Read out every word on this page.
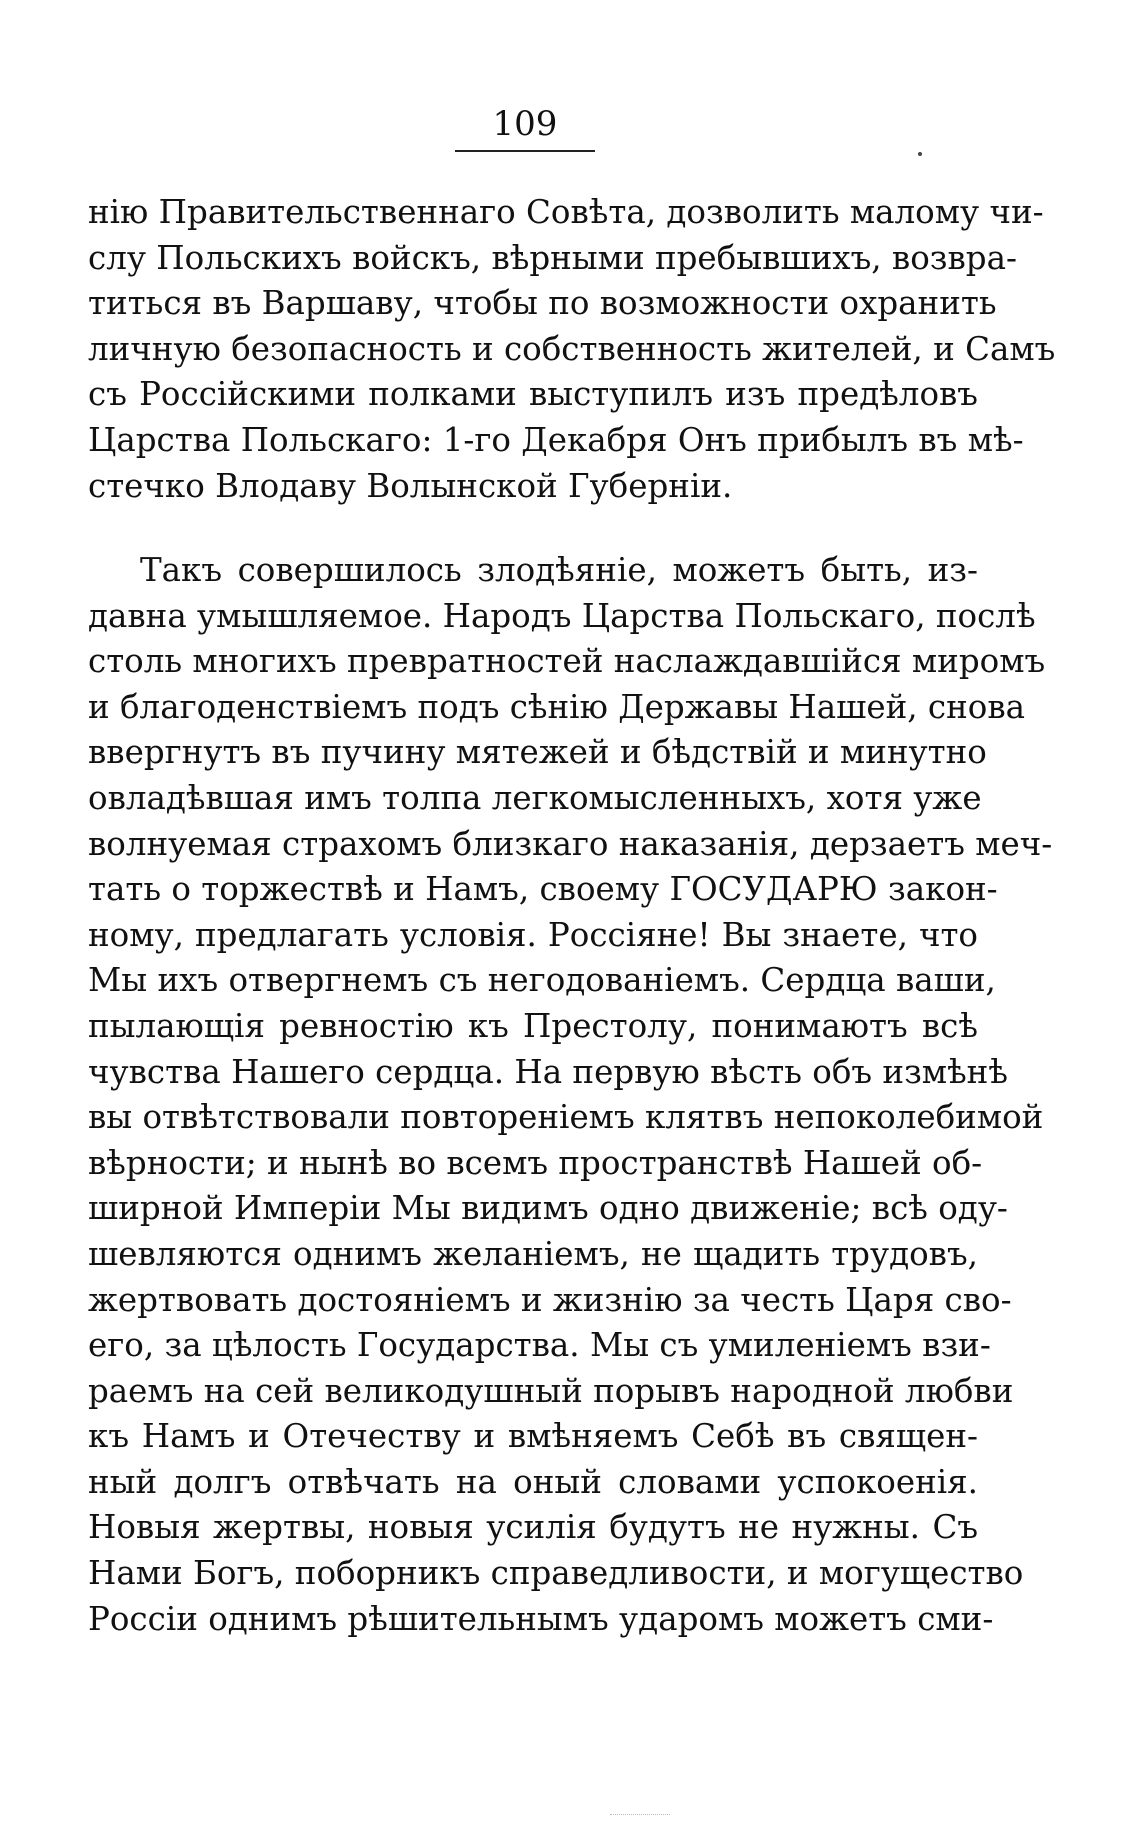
109
нію Правительственнаго Совѣта, дозволить малому чи-
слу Польскихъ войскъ, вѣрными пребывшихъ, возвра-
титься въ Варшаву, чтобы по возможности охранить
личную безопасность и собственность жителей, и Самъ
съ Россійскими полками выступилъ изъ предѣловъ
Царства Польскаго: 1-го Декабря Онъ прибылъ въ мѣ-
стечко Влодаву Волынской Губерніи.
Такъ совершилось злодѣяніе, можетъ быть, из-
давна умышляемое. Народъ Царства Польскаго, послѣ
столь многихъ превратностей наслаждавшійся миромъ
и благоденствіемъ подъ сѣнію Державы Нашей, снова
ввергнутъ въ пучину мятежей и бѣдствій и минутно
овладѣвшая имъ толпа легкомысленныхъ, хотя уже
волнуемая страхомъ близкаго наказанія, дерзаетъ меч-
тать о торжествѣ и Намъ, своему ГОСУДАРЮ закон-
ному, предлагать условія. Россіяне! Вы знаете, что
Мы ихъ отвергнемъ съ негодованіемъ. Сердца ваши,
пылающія ревностію къ Престолу, понимаютъ всѣ
чувства Нашего сердца. На первую вѣсть объ измѣнѣ
вы отвѣтствовали повтореніемъ клятвъ непоколебимой
вѣрности; и нынѣ во всемъ пространствѣ Нашей об-
ширной Имперіи Мы видимъ одно движеніе; всѣ оду-
шевляются однимъ желаніемъ, не щадить трудовъ,
жертвовать достояніемъ и жизнію за честь Царя сво-
его, за цѣлость Государства. Мы съ умиленіемъ взи-
раемъ на сей великодушный порывъ народной любви
къ Намъ и Отечеству и вмѣняемъ Себѣ въ священ-
ный долгъ отвѣчать на оный словами успокоенія.
Новыя жертвы, новыя усилія будутъ не нужны. Съ
Нами Богъ, поборникъ справедливости, и могущество
Россіи однимъ рѣшительнымъ ударомъ можетъ сми-
